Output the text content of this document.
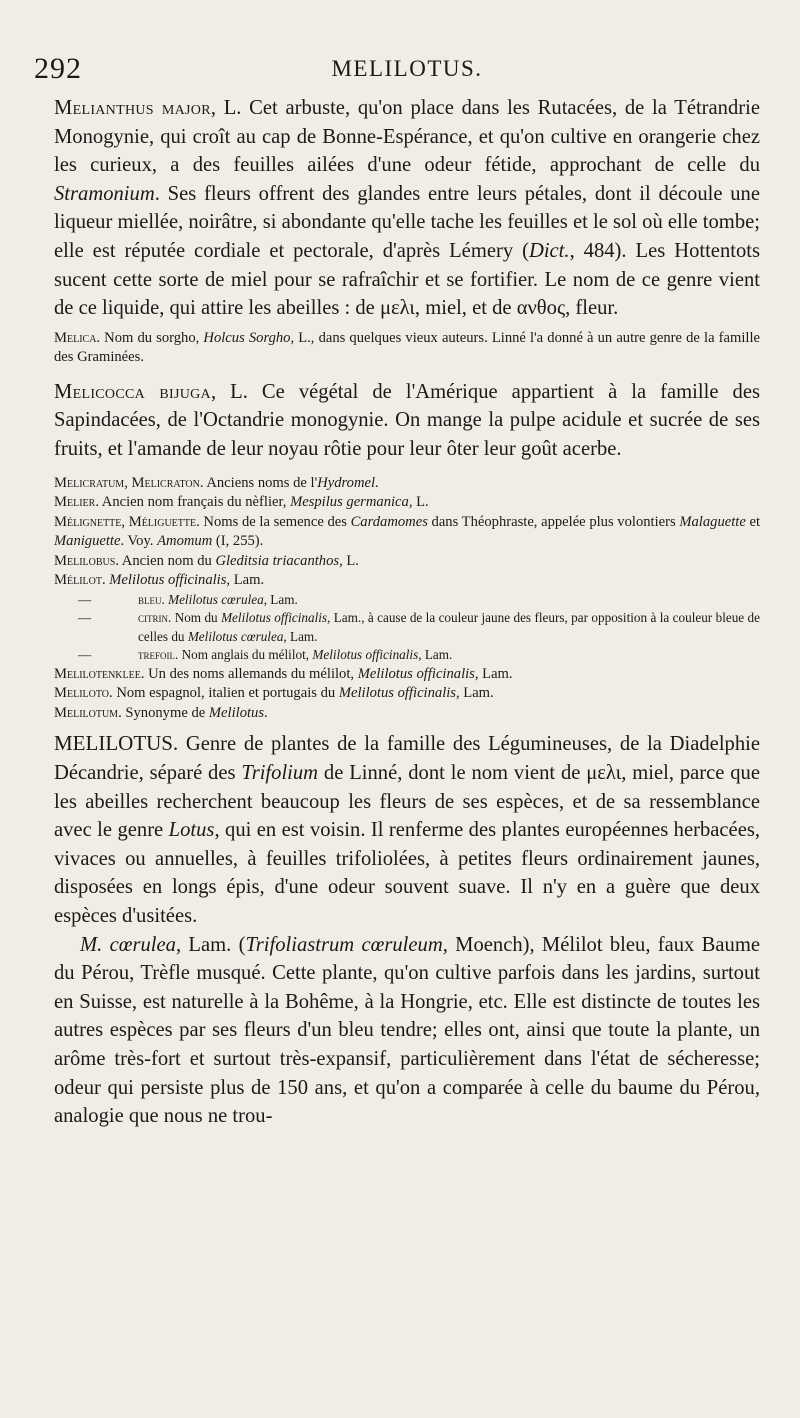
292	MELILOTUS.

Melianthus major, L. Cet arbuste, qu'on place dans les Rutacées, de la Tétrandrie Monogynie, qui croît au cap de Bonne-Espérance, et qu'on cultive en orangerie chez les curieux, a des feuilles ailées d'une odeur fétide, approchant de celle du Stramonium. Ses fleurs offrent des glandes entre leurs pétales, dont il découle une liqueur miellée, noirâtre, si abondante qu'elle tache les feuilles et le sol où elle tombe; elle est réputée cordiale et pectorale, d'après Lémery (Dict., 484). Les Hottentots sucent cette sorte de miel pour se rafraîchir et se fortifier. Le nom de ce genre vient de ce liquide, qui attire les abeilles : de μελι, miel, et de ανθος, fleur.

Melica. Nom du sorgho, Holcus Sorgho, L., dans quelques vieux auteurs. Linné l'a donné à un autre genre de la famille des Graminées.

Melicocca bijuga, L. Ce végétal de l'Amérique appartient à la famille des Sapindacées, de l'Octandrie monogynie. On mange la pulpe acidule et sucrée de ses fruits, et l'amande de leur noyau rôtie pour leur ôter leur goût acerbe.

Melicratum, Melicraton. Anciens noms de l'Hydromel.

Melier. Ancien nom français du nèflier, Mespilus germanica, L.

Mélignette, Méliguette. Noms de la semence des Cardamomes dans Théophraste, appelée plus volontiers Malaguette et Maniguette. Voy. Amomum (I, 255).

Melilobus. Ancien nom du Gleditsia triacanthos, L.

Mélilot. Melilotus officinalis, Lam.

—	bleu. Melilotus cœrulea, Lam.

—	citrin. Nom du Melilotus officinalis, Lam., à cause de la couleur jaune des fleurs, par opposition à la couleur bleue de celles du Melilotus cœrulea, Lam.

—	trefoil. Nom anglais du mélilot, Melilotus officinalis, Lam.

Melilotenklee. Un des noms allemands du mélilot, Melilotus officinalis, Lam.

Meliloto. Nom espagnol, italien et portugais du Melilotus officinalis, Lam.

Melilotum. Synonyme de Melilotus.

MELILOTUS. Genre de plantes de la famille des Légumineuses, de la Diadelphie Décandrie, séparé des Trifolium de Linné, dont le nom vient de μελι, miel, parce que les abeilles recherchent beaucoup les fleurs de ses espèces, et de sa ressemblance avec le genre Lotus, qui en est voisin. Il renferme des plantes européennes herbacées, vivaces ou annuelles, à feuilles trifoliolées, à petites fleurs ordinairement jaunes, disposées en longs épis, d'une odeur souvent suave. Il n'y en a guère que deux espèces d'usitées.

M. cœrulea, Lam. (Trifoliastrum cœruleum, Moench), Mélilot bleu, faux Baume du Pérou, Trèfle musqué. Cette plante, qu'on cultive parfois dans les jardins, surtout en Suisse, est naturelle à la Bohême, à la Hongrie, etc. Elle est distincte de toutes les autres espèces par ses fleurs d'un bleu tendre; elles ont, ainsi que toute la plante, un arôme très-fort et surtout très-expansif, particulièrement dans l'état de sécheresse; odeur qui persiste plus de 150 ans, et qu'on a comparée à celle du baume du Pérou, analogie que nous ne trou-
